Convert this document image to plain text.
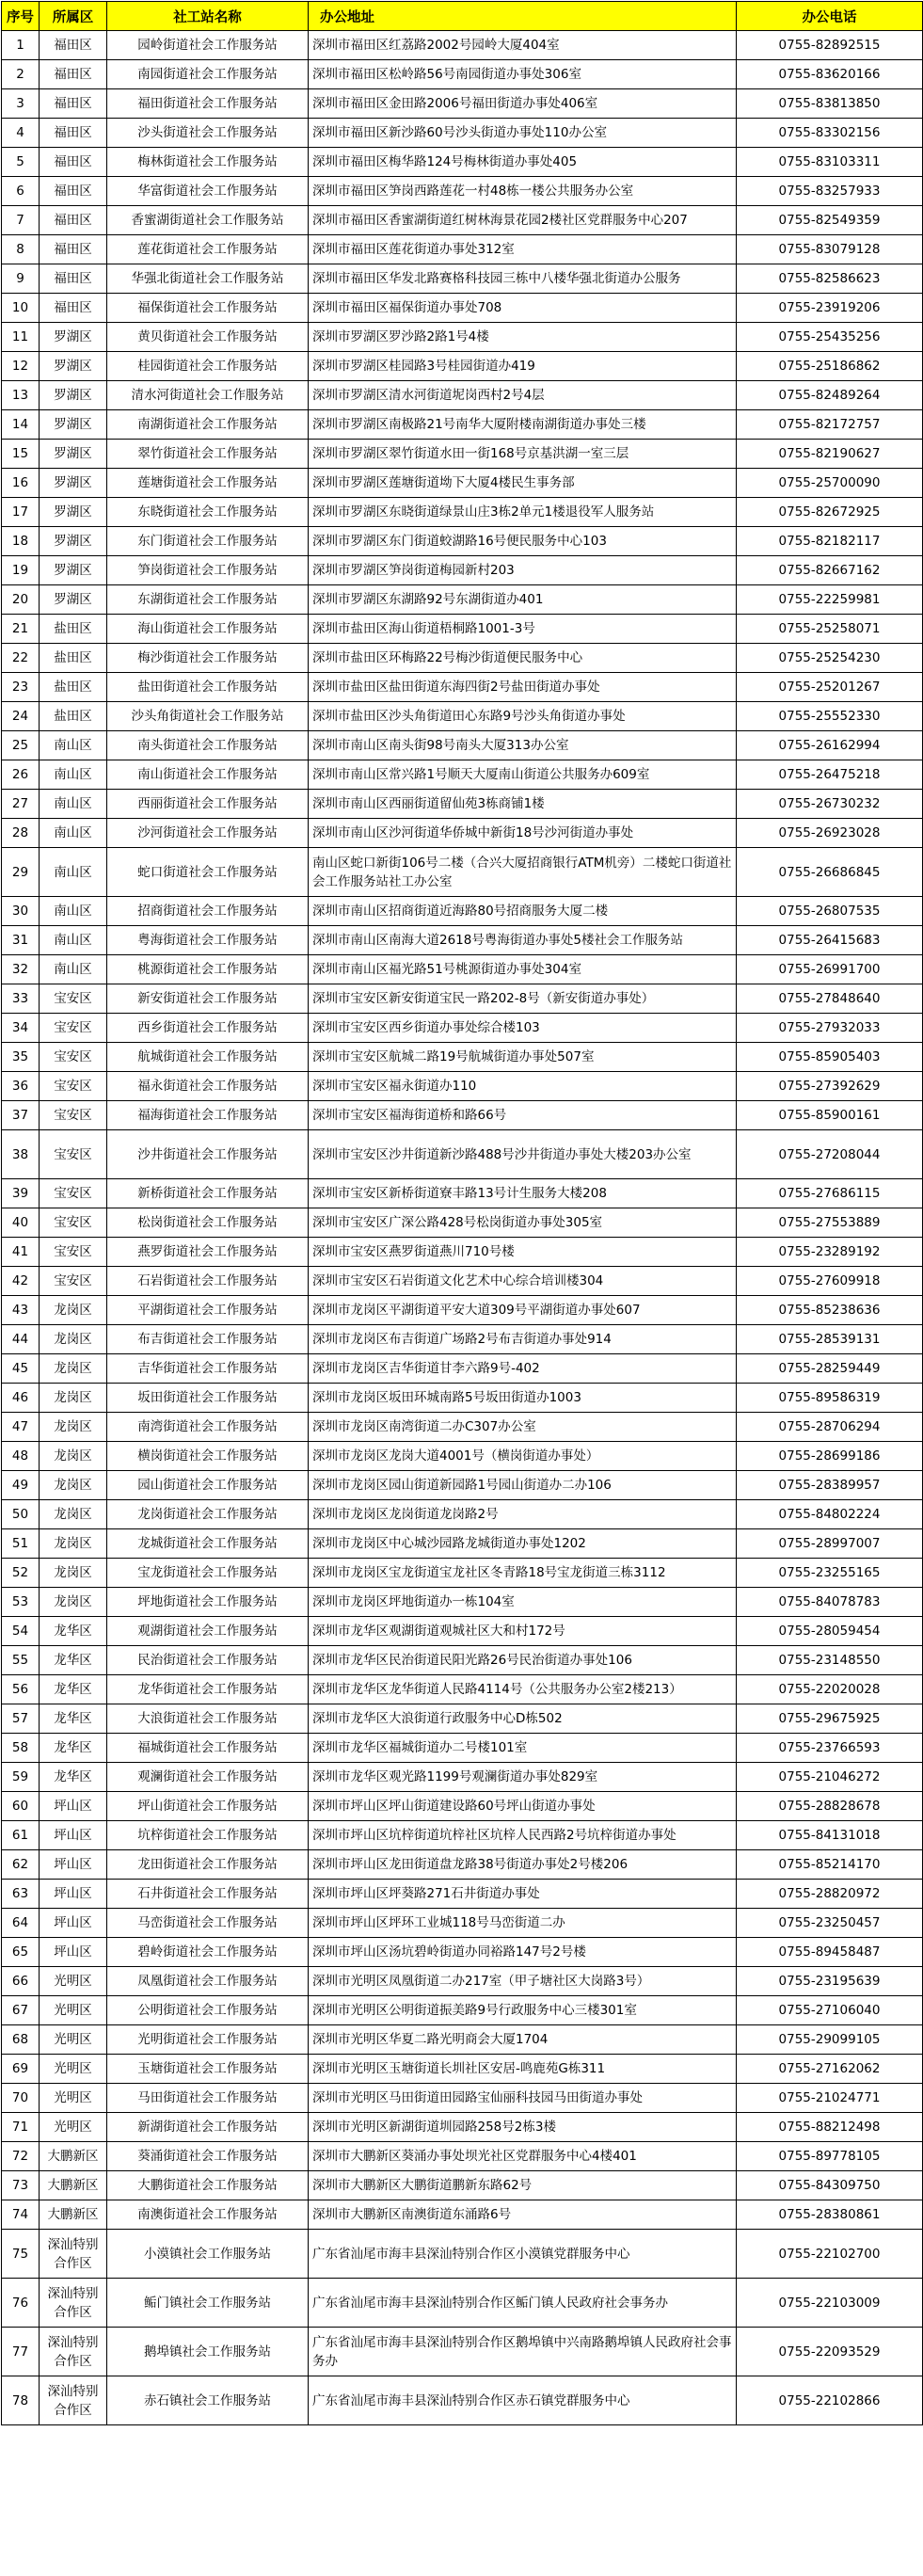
序号	所属区	社工站名称	办公地址	办公电话
1	福田区	园岭街道社会工作服务站	深圳市福田区红荔路2002号园岭大厦404室	0755-82892515
2	福田区	南园街道社会工作服务站	深圳市福田区松岭路56号南园街道办事处306室	0755-83620166
3	福田区	福田街道社会工作服务站	深圳市福田区金田路2006号福田街道办事处406室	0755-83813850
4	福田区	沙头街道社会工作服务站	深圳市福田区新沙路60号沙头街道办事处110办公室	0755-83302156
5	福田区	梅林街道社会工作服务站	深圳市福田区梅华路124号梅林街道办事处405	0755-83103311
6	福田区	华富街道社会工作服务站	深圳市福田区笋岗西路莲花一村48栋一楼公共服务办公室	0755-83257933
7	福田区	香蜜湖街道社会工作服务站	深圳市福田区香蜜湖街道红树林海景花园2楼社区党群服务中心207	0755-82549359
8	福田区	莲花街道社会工作服务站	深圳市福田区莲花街道办事处312室	0755-83079128
9	福田区	华强北街道社会工作服务站	深圳市福田区华发北路赛格科技园三栋中八楼华强北街道办公服务	0755-82586623
10	福田区	福保街道社会工作服务站	深圳市福田区福保街道办事处708	0755-23919206
11	罗湖区	黄贝街道社会工作服务站	深圳市罗湖区罗沙路2路1号4楼	0755-25435256
12	罗湖区	桂园街道社会工作服务站	深圳市罗湖区桂园路3号桂园街道办419	0755-25186862
13	罗湖区	清水河街道社会工作服务站	深圳市罗湖区清水河街道坭岗西村2号4层	0755-82489264
14	罗湖区	南湖街道社会工作服务站	深圳市罗湖区南极路21号南华大厦附楼南湖街道办事处三楼	0755-82172757
15	罗湖区	翠竹街道社会工作服务站	深圳市罗湖区翠竹街道水田一街168号京基洪湖一室三层	0755-82190627
16	罗湖区	莲塘街道社会工作服务站	深圳市罗湖区莲塘街道坳下大厦4楼民生事务部	0755-25700090
17	罗湖区	东晓街道社会工作服务站	深圳市罗湖区东晓街道绿景山庄3栋2单元1楼退役军人服务站	0755-82672925
18	罗湖区	东门街道社会工作服务站	深圳市罗湖区东门街道蛟湖路16号便民服务中心103	0755-82182117
19	罗湖区	笋岗街道社会工作服务站	深圳市罗湖区笋岗街道梅园新村203	0755-82667162
20	罗湖区	东湖街道社会工作服务站	深圳市罗湖区东湖路92号东湖街道办401	0755-22259981
21	盐田区	海山街道社会工作服务站	深圳市盐田区海山街道梧桐路1001-3号	0755-25258071
22	盐田区	梅沙街道社会工作服务站	深圳市盐田区环梅路22号梅沙街道便民服务中心	0755-25254230
23	盐田区	盐田街道社会工作服务站	深圳市盐田区盐田街道东海四街2号盐田街道办事处	0755-25201267
24	盐田区	沙头角街道社会工作服务站	深圳市盐田区沙头角街道田心东路9号沙头角街道办事处	0755-25552330
25	南山区	南头街道社会工作服务站	深圳市南山区南头街98号南头大厦313办公室	0755-26162994
26	南山区	南山街道社会工作服务站	深圳市南山区常兴路1号顺天大厦南山街道公共服务办609室	0755-26475218
27	南山区	西丽街道社会工作服务站	深圳市南山区西丽街道留仙苑3栋商铺1楼	0755-26730232
28	南山区	沙河街道社会工作服务站	深圳市南山区沙河街道华侨城中新街18号沙河街道办事处	0755-26923028
29	南山区	蛇口街道社会工作服务站	南山区蛇口新街106号二楼（合兴大厦招商银行ATM机旁）二楼蛇口街道社会工作服务站社工办公室	0755-26686845
30	南山区	招商街道社会工作服务站	深圳市南山区招商街道近海路80号招商服务大厦二楼	0755-26807535
31	南山区	粤海街道社会工作服务站	深圳市南山区南海大道2618号粤海街道办事处5楼社会工作服务站	0755-26415683
32	南山区	桃源街道社会工作服务站	深圳市南山区福光路51号桃源街道办事处304室	0755-26991700
33	宝安区	新安街道社会工作服务站	深圳市宝安区新安街道宝民一路202-8号（新安街道办事处）	0755-27848640
34	宝安区	西乡街道社会工作服务站	深圳市宝安区西乡街道办事处综合楼103	0755-27932033
35	宝安区	航城街道社会工作服务站	深圳市宝安区航城二路19号航城街道办事处507室	0755-85905403
36	宝安区	福永街道社会工作服务站	深圳市宝安区福永街道办110	0755-27392629
37	宝安区	福海街道社会工作服务站	深圳市宝安区福海街道桥和路66号	0755-85900161
38	宝安区	沙井街道社会工作服务站	深圳市宝安区沙井街道新沙路488号沙井街道办事处大楼203办公室	0755-27208044
39	宝安区	新桥街道社会工作服务站	深圳市宝安区新桥街道寮丰路13号计生服务大楼208	0755-27686115
40	宝安区	松岗街道社会工作服务站	深圳市宝安区广深公路428号松岗街道办事处305室	0755-27553889
41	宝安区	燕罗街道社会工作服务站	深圳市宝安区燕罗街道燕川710号楼	0755-23289192
42	宝安区	石岩街道社会工作服务站	深圳市宝安区石岩街道文化艺术中心综合培训楼304	0755-27609918
43	龙岗区	平湖街道社会工作服务站	深圳市龙岗区平湖街道平安大道309号平湖街道办事处607	0755-85238636
44	龙岗区	布吉街道社会工作服务站	深圳市龙岗区布吉街道广场路2号布吉街道办事处914	0755-28539131
45	龙岗区	吉华街道社会工作服务站	深圳市龙岗区吉华街道甘李六路9号-402	0755-28259449
46	龙岗区	坂田街道社会工作服务站	深圳市龙岗区坂田环城南路5号坂田街道办1003	0755-89586319
47	龙岗区	南湾街道社会工作服务站	深圳市龙岗区南湾街道二办C307办公室	0755-28706294
48	龙岗区	横岗街道社会工作服务站	深圳市龙岗区龙岗大道4001号（横岗街道办事处）	0755-28699186
49	龙岗区	园山街道社会工作服务站	深圳市龙岗区园山街道新园路1号园山街道办二办106	0755-28389957
50	龙岗区	龙岗街道社会工作服务站	深圳市龙岗区龙岗街道龙岗路2号	0755-84802224
51	龙岗区	龙城街道社会工作服务站	深圳市龙岗区中心城沙园路龙城街道办事处1202	0755-28997007
52	龙岗区	宝龙街道社会工作服务站	深圳市龙岗区宝龙街道宝龙社区冬青路18号宝龙街道三栋3112	0755-23255165
53	龙岗区	坪地街道社会工作服务站	深圳市龙岗区坪地街道办一栋104室	0755-84078783
54	龙华区	观湖街道社会工作服务站	深圳市龙华区观湖街道观城社区大和村172号	0755-28059454
55	龙华区	民治街道社会工作服务站	深圳市龙华区民治街道民阳光路26号民治街道办事处106	0755-23148550
56	龙华区	龙华街道社会工作服务站	深圳市龙华区龙华街道人民路4114号（公共服务办公室2楼213）	0755-22020028
57	龙华区	大浪街道社会工作服务站	深圳市龙华区大浪街道行政服务中心D栋502	0755-29675925
58	龙华区	福城街道社会工作服务站	深圳市龙华区福城街道办二号楼101室	0755-23766593
59	龙华区	观澜街道社会工作服务站	深圳市龙华区观光路1199号观澜街道办事处829室	0755-21046272
60	坪山区	坪山街道社会工作服务站	深圳市坪山区坪山街道建设路60号坪山街道办事处	0755-28828678
61	坪山区	坑梓街道社会工作服务站	深圳市坪山区坑梓街道坑梓社区坑梓人民西路2号坑梓街道办事处	0755-84131018
62	坪山区	龙田街道社会工作服务站	深圳市坪山区龙田街道盘龙路38号街道办事处2号楼206	0755-85214170
63	坪山区	石井街道社会工作服务站	深圳市坪山区坪葵路271石井街道办事处	0755-28820972
64	坪山区	马峦街道社会工作服务站	深圳市坪山区坪环工业城118号马峦街道二办	0755-23250457
65	坪山区	碧岭街道社会工作服务站	深圳市坪山区汤坑碧岭街道办同裕路147号2号楼	0755-89458487
66	光明区	凤凰街道社会工作服务站	深圳市光明区凤凰街道二办217室（甲子塘社区大岗路3号）	0755-23195639
67	光明区	公明街道社会工作服务站	深圳市光明区公明街道振美路9号行政服务中心三楼301室	0755-27106040
68	光明区	光明街道社会工作服务站	深圳市光明区华夏二路光明商会大厦1704	0755-29099105
69	光明区	玉塘街道社会工作服务站	深圳市光明区玉塘街道长圳社区安居-鸣鹿苑G栋311	0755-27162062
70	光明区	马田街道社会工作服务站	深圳市光明区马田街道田园路宝仙丽科技园马田街道办事处	0755-21024771
71	光明区	新湖街道社会工作服务站	深圳市光明区新湖街道圳园路258号2栋3楼	0755-88212498
72	大鹏新区	葵涌街道社会工作服务站	深圳市大鹏新区葵涌办事处坝光社区党群服务中心4楼401	0755-89778105
73	大鹏新区	大鹏街道社会工作服务站	深圳市大鹏新区大鹏街道鹏新东路62号	0755-84309750
74	大鹏新区	南澳街道社会工作服务站	深圳市大鹏新区南澳街道东涌路6号	0755-28380861
75	深汕特别合作区	小漠镇社会工作服务站	广东省汕尾市海丰县深汕特别合作区小漠镇党群服务中心	0755-22102700
76	深汕特别合作区	鲘门镇社会工作服务站	广东省汕尾市海丰县深汕特别合作区鲘门镇人民政府社会事务办	0755-22103009
77	深汕特别合作区	鹅埠镇社会工作服务站	广东省汕尾市海丰县深汕特别合作区鹅埠镇中兴南路鹅埠镇人民政府社会事务办	0755-22093529
78	深汕特别合作区	赤石镇社会工作服务站	广东省汕尾市海丰县深汕特别合作区赤石镇党群服务中心	0755-22102866
